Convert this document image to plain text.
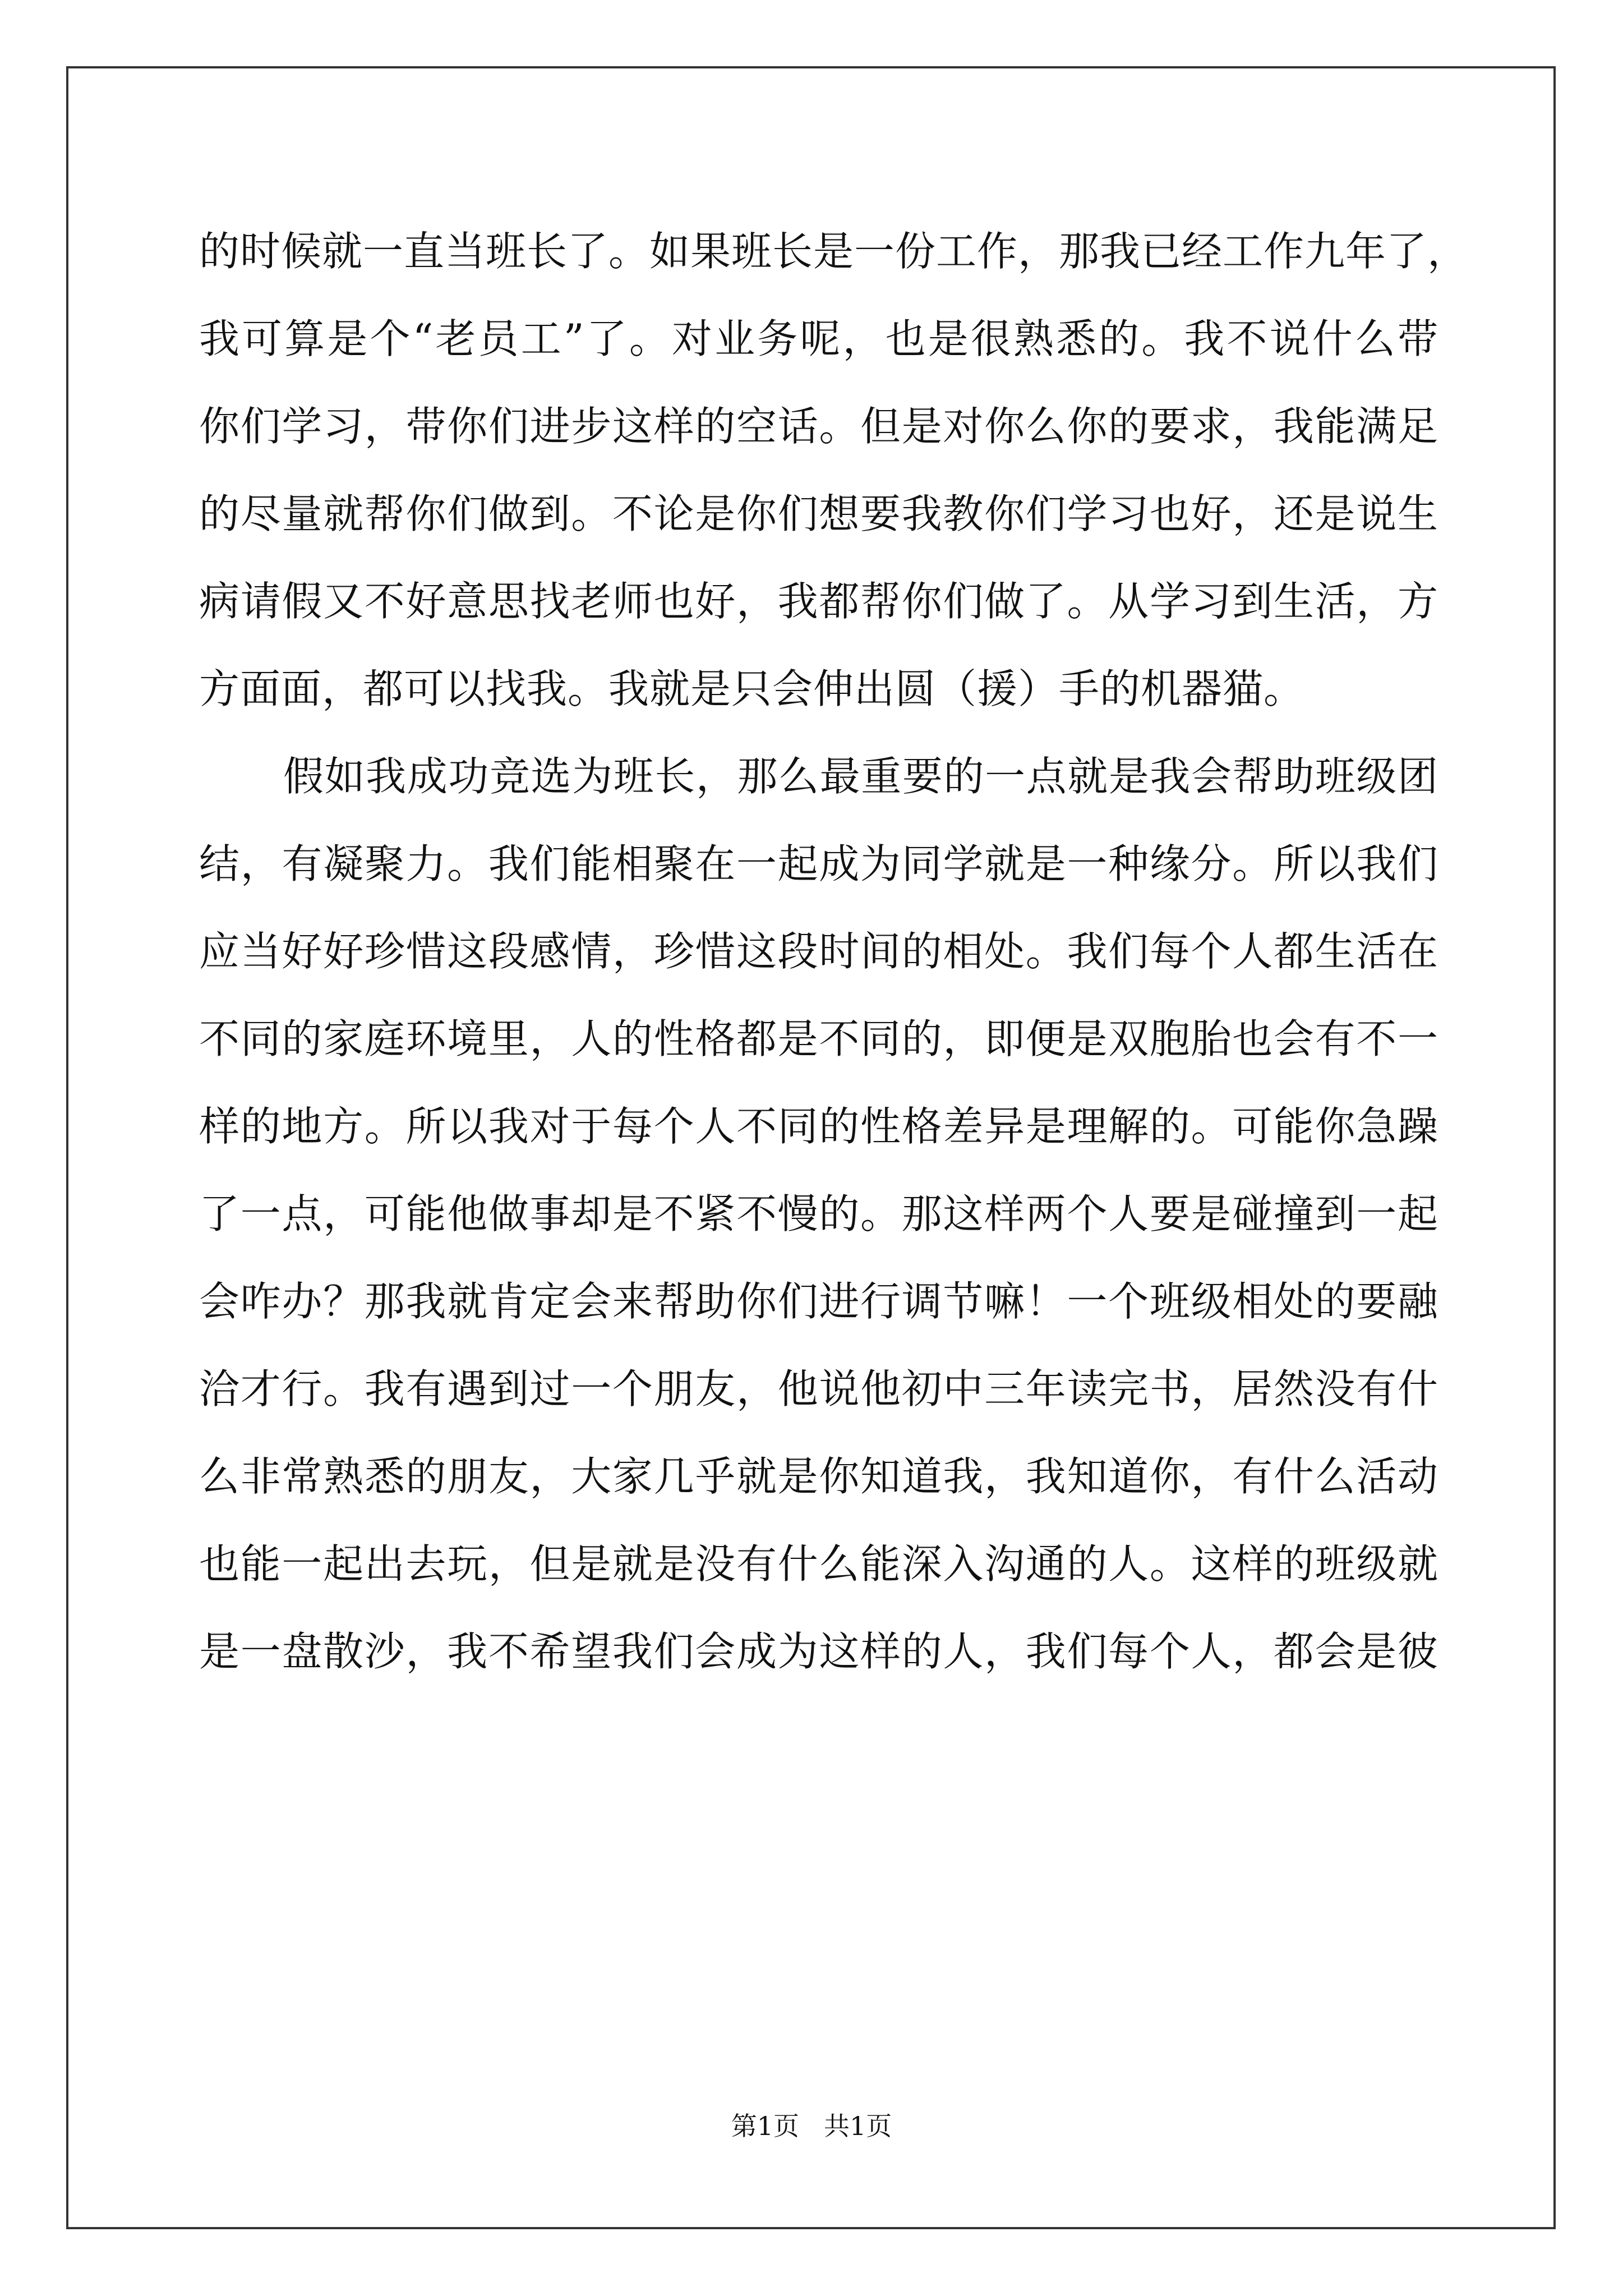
的时候就一直当班长了。如果班长是一份工作，那我已经工作九年了，
我可算是个“老员工”了。对业务呢，也是很熟悉的。我不说什么带
你们学习，带你们进步这样的空话。但是对你么你的要求，我能满足
的尽量就帮你们做到。不论是你们想要我教你们学习也好，还是说生
病请假又不好意思找老师也好，我都帮你们做了。从学习到生活，方
方面面，都可以找我。我就是只会伸出圆（援）手的机器猫。
假如我成功竞选为班长，那么最重要的一点就是我会帮助班级团
结，有凝聚力。我们能相聚在一起成为同学就是一种缘分。所以我们
应当好好珍惜这段感情，珍惜这段时间的相处。我们每个人都生活在
不同的家庭环境里，人的性格都是不同的，即便是双胞胎也会有不一
样的地方。所以我对于每个人不同的性格差异是理解的。可能你急躁
了一点，可能他做事却是不紧不慢的。那这样两个人要是碰撞到一起
会咋办？那我就肯定会来帮助你们进行调节嘛！一个班级相处的要融
洽才行。我有遇到过一个朋友，他说他初中三年读完书，居然没有什
么非常熟悉的朋友，大家几乎就是你知道我，我知道你，有什么活动
也能一起出去玩，但是就是没有什么能深入沟通的人。这样的班级就
是一盘散沙，我不希望我们会成为这样的人，我们每个人，都会是彼
第1页 共1页
